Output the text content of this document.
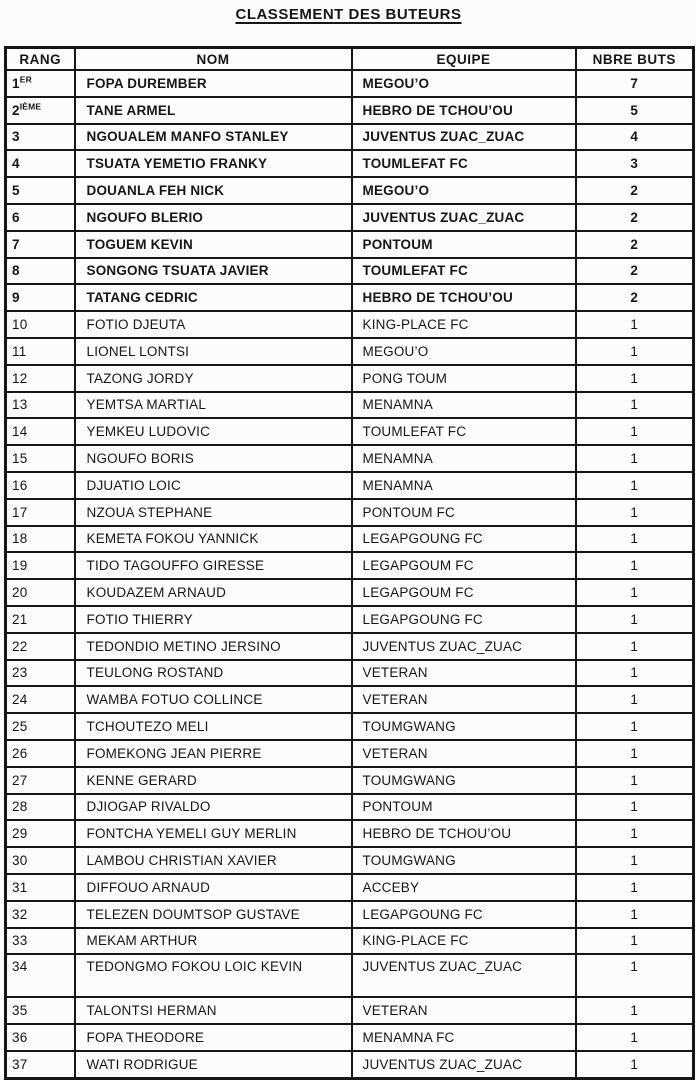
CLASSEMENT DES BUTEURS
RANG	NOM	EQUIPE	NBRE BUTS
1ER	FOPA DUREMBER	MEGOU’O	7
2IÈME	TANE ARMEL	HEBRO DE TCHOU’OU	5
3	NGOUALEM MANFO STANLEY	JUVENTUS ZUAC_ZUAC	4
4	TSUATA YEMETIO FRANKY	TOUMLEFAT FC	3
5	DOUANLA FEH NICK	MEGOU’O	2
6	NGOUFO BLERIO	JUVENTUS ZUAC_ZUAC	2
7	TOGUEM KEVIN	PONTOUM	2
8	SONGONG TSUATA JAVIER	TOUMLEFAT FC	2
9	TATANG CEDRIC	HEBRO DE TCHOU’OU	2
10	FOTIO DJEUTA	KING-PLACE FC	1
11	LIONEL LONTSI	MEGOU’O	1
12	TAZONG JORDY	PONG TOUM	1
13	YEMTSA MARTIAL	MENAMNA	1
14	YEMKEU LUDOVIC	TOUMLEFAT FC	1
15	NGOUFO BORIS	MENAMNA	1
16	DJUATIO LOIC	MENAMNA	1
17	NZOUA STEPHANE	PONTOUM FC	1
18	KEMETA FOKOU YANNICK	LEGAPGOUNG FC	1
19	TIDO TAGOUFFO GIRESSE	LEGAPGOUM FC	1
20	KOUDAZEM ARNAUD	LEGAPGOUM FC	1
21	FOTIO THIERRY	LEGAPGOUNG FC	1
22	TEDONDIO METINO JERSINO	JUVENTUS ZUAC_ZUAC	1
23	TEULONG ROSTAND	VETERAN	1
24	WAMBA FOTUO COLLINCE	VETERAN	1
25	TCHOUTEZO MELI	TOUMGWANG	1
26	FOMEKONG JEAN PIERRE	VETERAN	1
27	KENNE GERARD	TOUMGWANG	1
28	DJIOGAP RIVALDO	PONTOUM	1
29	FONTCHA YEMELI GUY MERLIN	HEBRO DE TCHOU’OU	1
30	LAMBOU CHRISTIAN XAVIER	TOUMGWANG	1
31	DIFFOUO ARNAUD	ACCEBY	1
32	TELEZEN DOUMTSOP GUSTAVE	LEGAPGOUNG FC	1
33	MEKAM ARTHUR	KING-PLACE FC	1
34	TEDONGMO FOKOU LOIC KEVIN	JUVENTUS ZUAC_ZUAC	1
35	TALONTSI HERMAN	VETERAN	1
36	FOPA THEODORE	MENAMNA FC	1
37	WATI RODRIGUE	JUVENTUS ZUAC_ZUAC	1
